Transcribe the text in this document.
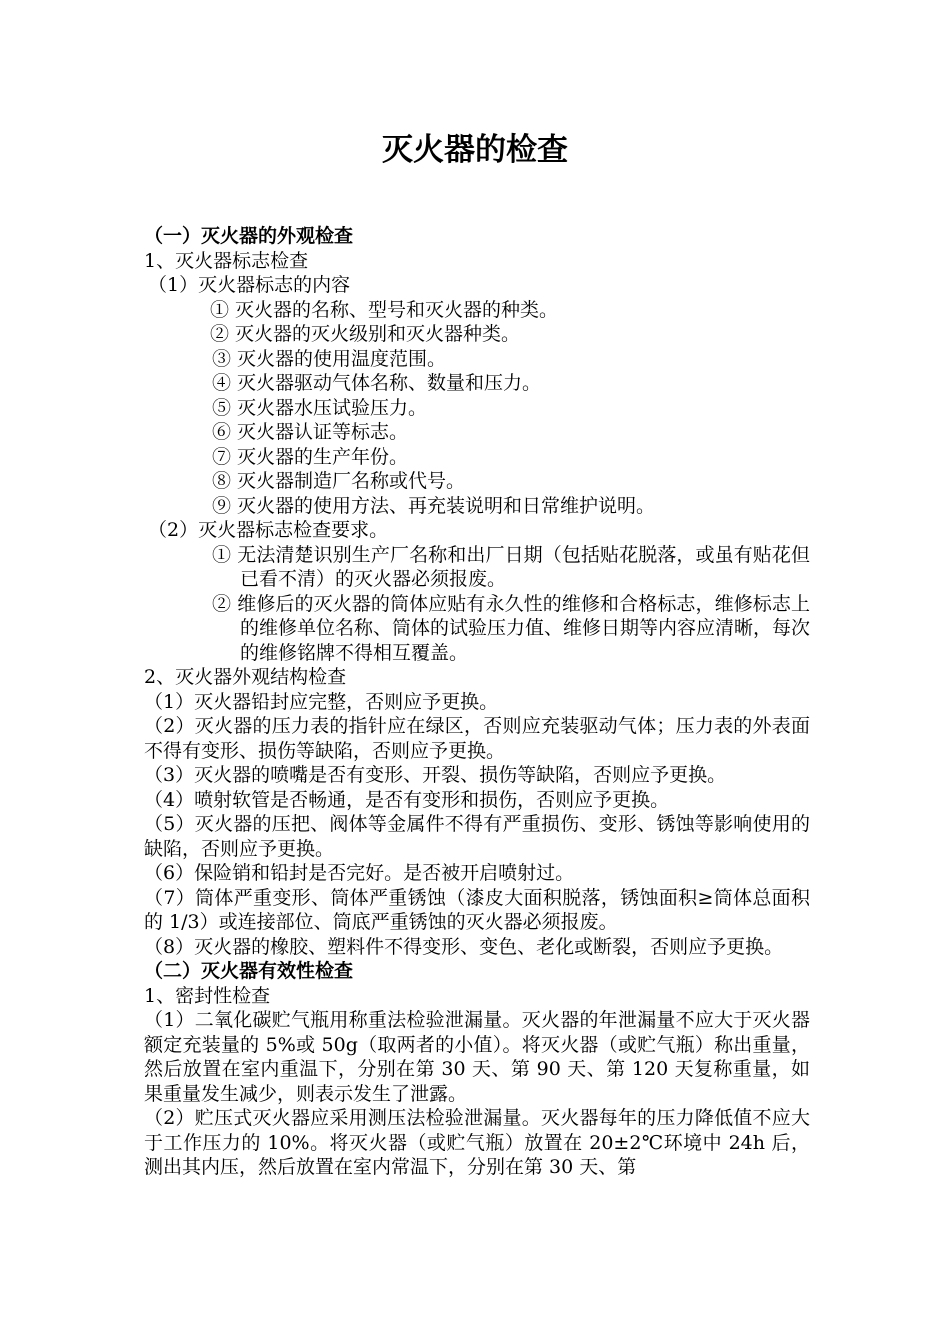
灭火器的检查

（一）灭火器的外观检查

1、灭火器标志检查

（1）灭火器标志的内容

① 灭火器的名称、型号和灭火器的种类。

② 灭火器的灭火级别和灭火器种类。

③ 灭火器的使用温度范围。

④ 灭火器驱动气体名称、数量和压力。

⑤ 灭火器水压试验压力。

⑥ 灭火器认证等标志。

⑦ 灭火器的生产年份。

⑧ 灭火器制造厂名称或代号。

⑨ 灭火器的使用方法、再充装说明和日常维护说明。

（2）灭火器标志检查要求。

① 无法清楚识别生产厂名称和出厂日期（包括贴花脱落，或虽有贴花但已看不清）的灭火器必须报废。

② 维修后的灭火器的筒体应贴有永久性的维修和合格标志，维修标志上的维修单位名称、筒体的试验压力值、维修日期等内容应清晰，每次的维修铭牌不得相互覆盖。

2、灭火器外观结构检查

（1）灭火器铅封应完整，否则应予更换。

（2）灭火器的压力表的指针应在绿区，否则应充装驱动气体；压力表的外表面不得有变形、损伤等缺陷，否则应予更换。

（3）灭火器的喷嘴是否有变形、开裂、损伤等缺陷，否则应予更换。

（4）喷射软管是否畅通，是否有变形和损伤，否则应予更换。

（5）灭火器的压把、阀体等金属件不得有严重损伤、变形、锈蚀等影响使用的缺陷，否则应予更换。

（6）保险销和铅封是否完好。是否被开启喷射过。

（7）筒体严重变形、筒体严重锈蚀（漆皮大面积脱落，锈蚀面积≥筒体总面积的 1/3）或连接部位、筒底严重锈蚀的灭火器必须报废。

（8）灭火器的橡胶、塑料件不得变形、变色、老化或断裂，否则应予更换。

（二）灭火器有效性检查

1、密封性检查

（1）二氧化碳贮气瓶用称重法检验泄漏量。灭火器的年泄漏量不应大于灭火器额定充装量的 5%或 50g（取两者的小值）。将灭火器（或贮气瓶）称出重量，然后放置在室内重温下，分别在第 30 天、第 90 天、第 120 天复称重量，如果重量发生减少，则表示发生了泄露。

（2）贮压式灭火器应采用测压法检验泄漏量。灭火器每年的压力降低值不应大于工作压力的 10%。将灭火器（或贮气瓶）放置在 20±2℃环境中 24h 后，测出其内压，然后放置在室内常温下，分别在第 30 天、第
